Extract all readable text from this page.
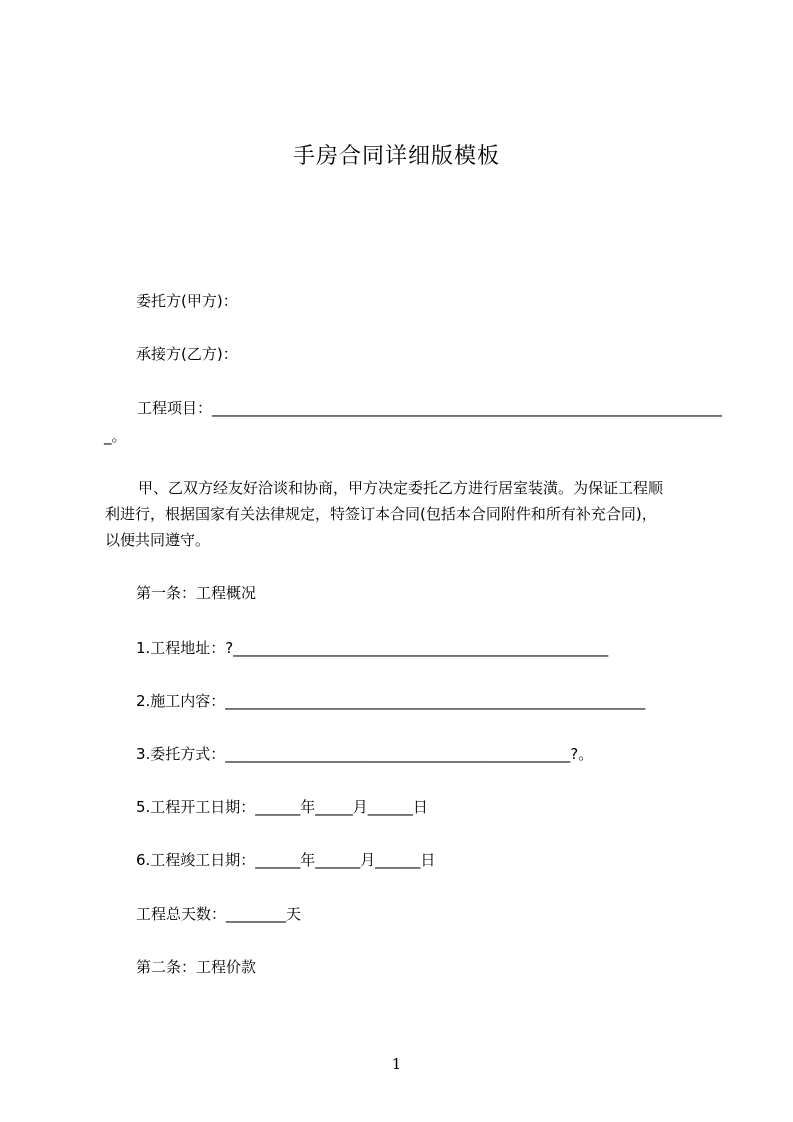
手房合同详细版模板
委托方(甲方)：
承接方(乙方)：
工程项目：____________________________________________________________________
_。
甲、乙双方经友好洽谈和协商，甲方决定委托乙方进行居室装潢。为保证工程顺
利进行，根据国家有关法律规定，特签订本合同(包括本合同附件和所有补充合同)，
以便共同遵守。
第一条：工程概况
1.工程地址：?__________________________________________________
2.施工内容：________________________________________________________
3.委托方式：______________________________________________?。
5.工程开工日期：______年_____月______日
6.工程竣工日期：______年______月______日
工程总天数：________天
第二条：工程价款
1
